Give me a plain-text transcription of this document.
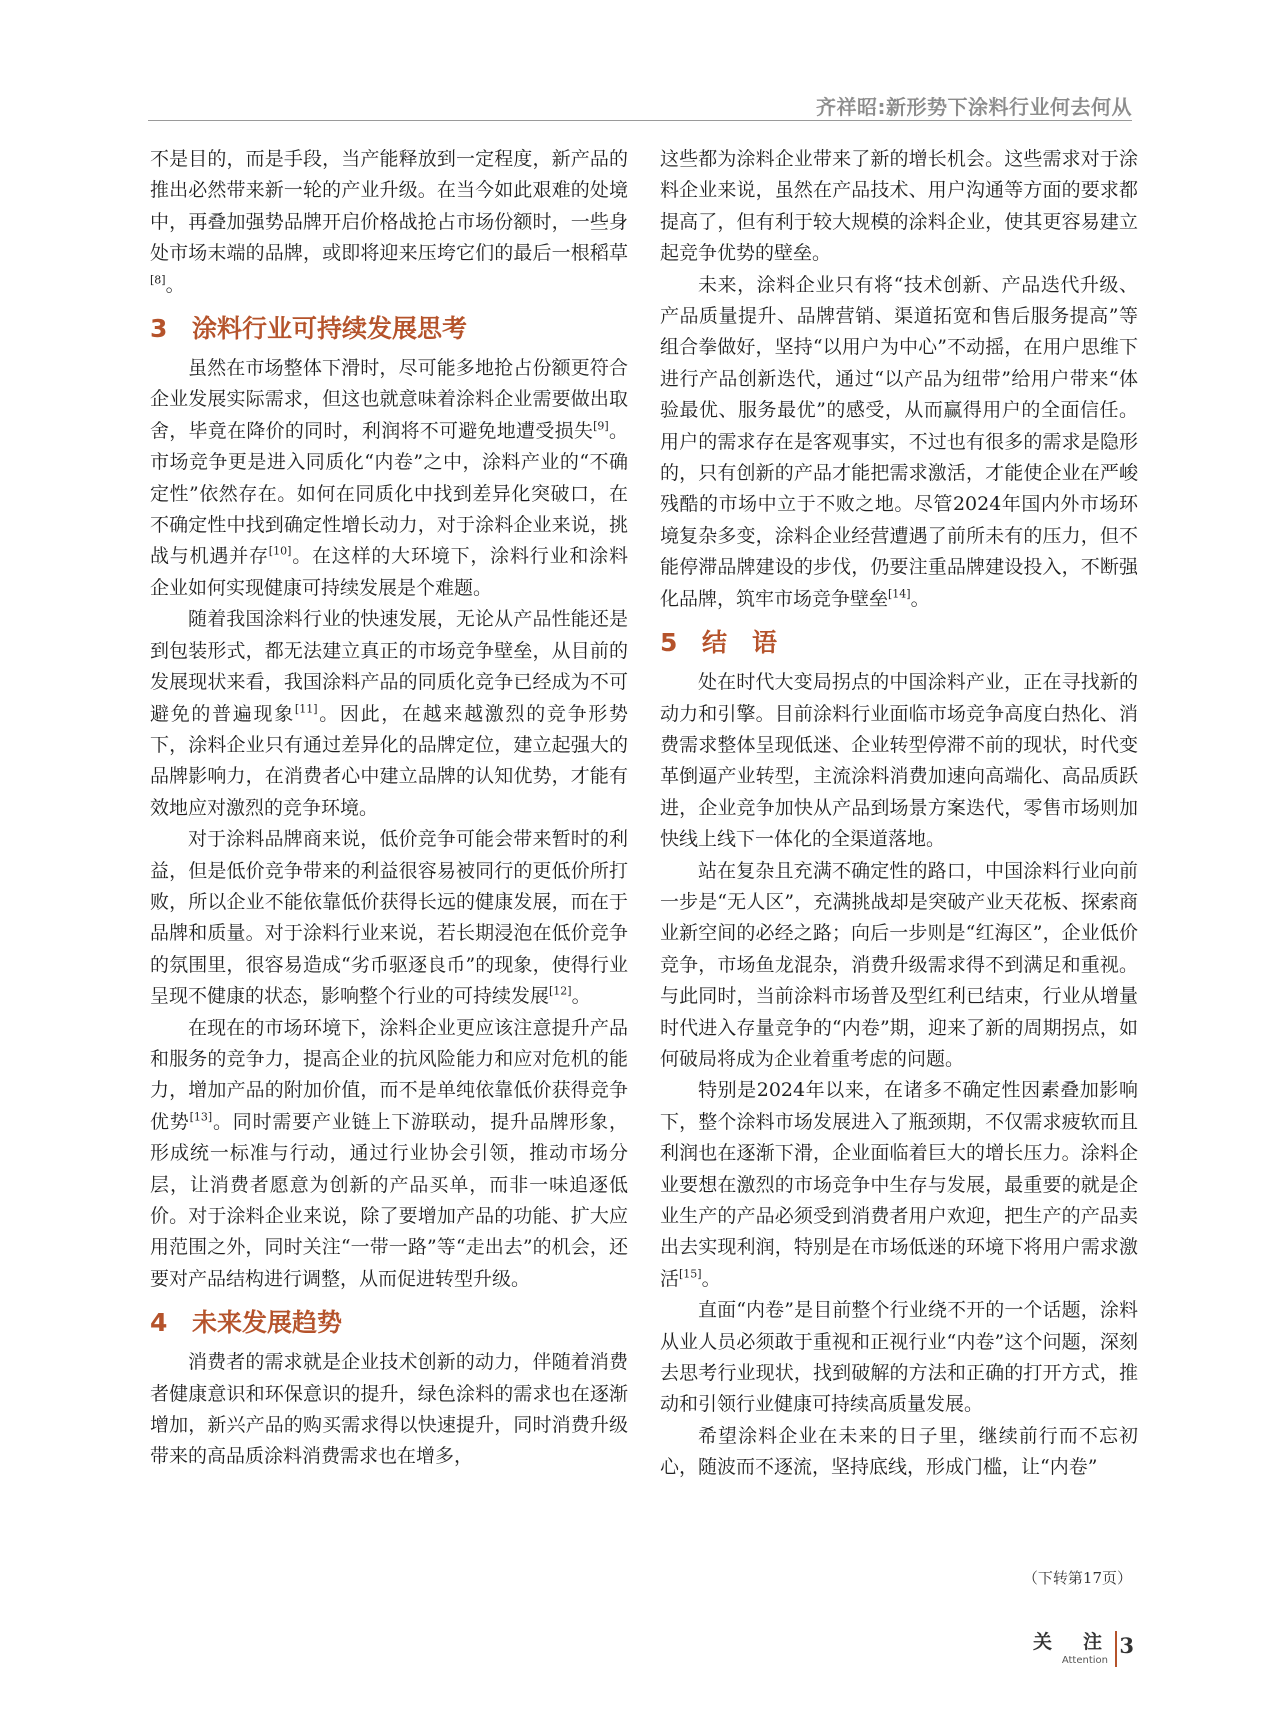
齐祥昭:新形势下涂料行业何去何从

不是目的，而是手段，当产能释放到一定程度，新产品的推出必然带来新一轮的产业升级。在当今如此艰难的处境中，再叠加强势品牌开启价格战抢占市场份额时，一些身处市场末端的品牌，或即将迎来压垮它们的最后一根稻草[8]。

3 涂料行业可持续发展思考

虽然在市场整体下滑时，尽可能多地抢占份额更符合企业发展实际需求，但这也就意味着涂料企业需要做出取舍，毕竟在降价的同时，利润将不可避免地遭受损失[9]。市场竞争更是进入同质化“内卷”之中，涂料产业的“不确定性”依然存在。如何在同质化中找到差异化突破口，在不确定性中找到确定性增长动力，对于涂料企业来说，挑战与机遇并存[10]。在这样的大环境下，涂料行业和涂料企业如何实现健康可持续发展是个难题。

随着我国涂料行业的快速发展，无论从产品性能还是到包装形式，都无法建立真正的市场竞争壁垒，从目前的发展现状来看，我国涂料产品的同质化竞争已经成为不可避免的普遍现象[11]。因此，在越来越激烈的竞争形势下，涂料企业只有通过差异化的品牌定位，建立起强大的品牌影响力，在消费者心中建立品牌的认知优势，才能有效地应对激烈的竞争环境。

对于涂料品牌商来说，低价竞争可能会带来暂时的利益，但是低价竞争带来的利益很容易被同行的更低价所打败，所以企业不能依靠低价获得长远的健康发展，而在于品牌和质量。对于涂料行业来说，若长期浸泡在低价竞争的氛围里，很容易造成“劣币驱逐良币”的现象，使得行业呈现不健康的状态，影响整个行业的可持续发展[12]。

在现在的市场环境下，涂料企业更应该注意提升产品和服务的竞争力，提高企业的抗风险能力和应对危机的能力，增加产品的附加价值，而不是单纯依靠低价获得竞争优势[13]。同时需要产业链上下游联动，提升品牌形象，形成统一标准与行动，通过行业协会引领，推动市场分层，让消费者愿意为创新的产品买单，而非一味追逐低价。对于涂料企业来说，除了要增加产品的功能、扩大应用范围之外，同时关注“一带一路”等“走出去”的机会，还要对产品结构进行调整，从而促进转型升级。

4 未来发展趋势

消费者的需求就是企业技术创新的动力，伴随着消费者健康意识和环保意识的提升，绿色涂料的需求也在逐渐增加，新兴产品的购买需求得以快速提升，同时消费升级带来的高品质涂料消费需求也在增多，

这些都为涂料企业带来了新的增长机会。这些需求对于涂料企业来说，虽然在产品技术、用户沟通等方面的要求都提高了，但有利于较大规模的涂料企业，使其更容易建立起竞争优势的壁垒。

未来，涂料企业只有将“技术创新、产品迭代升级、产品质量提升、品牌营销、渠道拓宽和售后服务提高”等组合拳做好，坚持“以用户为中心”不动摇，在用户思维下进行产品创新迭代，通过“以产品为纽带”给用户带来“体验最优、服务最优”的感受，从而赢得用户的全面信任。用户的需求存在是客观事实，不过也有很多的需求是隐形的，只有创新的产品才能把需求激活，才能使企业在严峻残酷的市场中立于不败之地。尽管2024年国内外市场环境复杂多变，涂料企业经营遭遇了前所未有的压力，但不能停滞品牌建设的步伐，仍要注重品牌建设投入，不断强化品牌，筑牢市场竞争壁垒[14]。

5 结　语

处在时代大变局拐点的中国涂料产业，正在寻找新的动力和引擎。目前涂料行业面临市场竞争高度白热化、消费需求整体呈现低迷、企业转型停滞不前的现状，时代变革倒逼产业转型，主流涂料消费加速向高端化、高品质跃进，企业竞争加快从产品到场景方案迭代，零售市场则加快线上线下一体化的全渠道落地。

站在复杂且充满不确定性的路口，中国涂料行业向前一步是“无人区”，充满挑战却是突破产业天花板、探索商业新空间的必经之路；向后一步则是“红海区”，企业低价竞争，市场鱼龙混杂，消费升级需求得不到满足和重视。与此同时，当前涂料市场普及型红利已结束，行业从增量时代进入存量竞争的“内卷”期，迎来了新的周期拐点，如何破局将成为企业着重考虑的问题。

特别是2024年以来，在诸多不确定性因素叠加影响下，整个涂料市场发展进入了瓶颈期，不仅需求疲软而且利润也在逐渐下滑，企业面临着巨大的增长压力。涂料企业要想在激烈的市场竞争中生存与发展，最重要的就是企业生产的产品必须受到消费者用户欢迎，把生产的产品卖出去实现利润，特别是在市场低迷的环境下将用户需求激活[15]。

直面“内卷”是目前整个行业绕不开的一个话题，涂料从业人员必须敢于重视和正视行业“内卷”这个问题，深刻去思考行业现状，找到破解的方法和正确的打开方式，推动和引领行业健康可持续高质量发展。

希望涂料企业在未来的日子里，继续前行而不忘初心，随波而不逐流，坚持底线，形成门槛，让“内卷”

（下转第17页）
关　注
Attention
3
